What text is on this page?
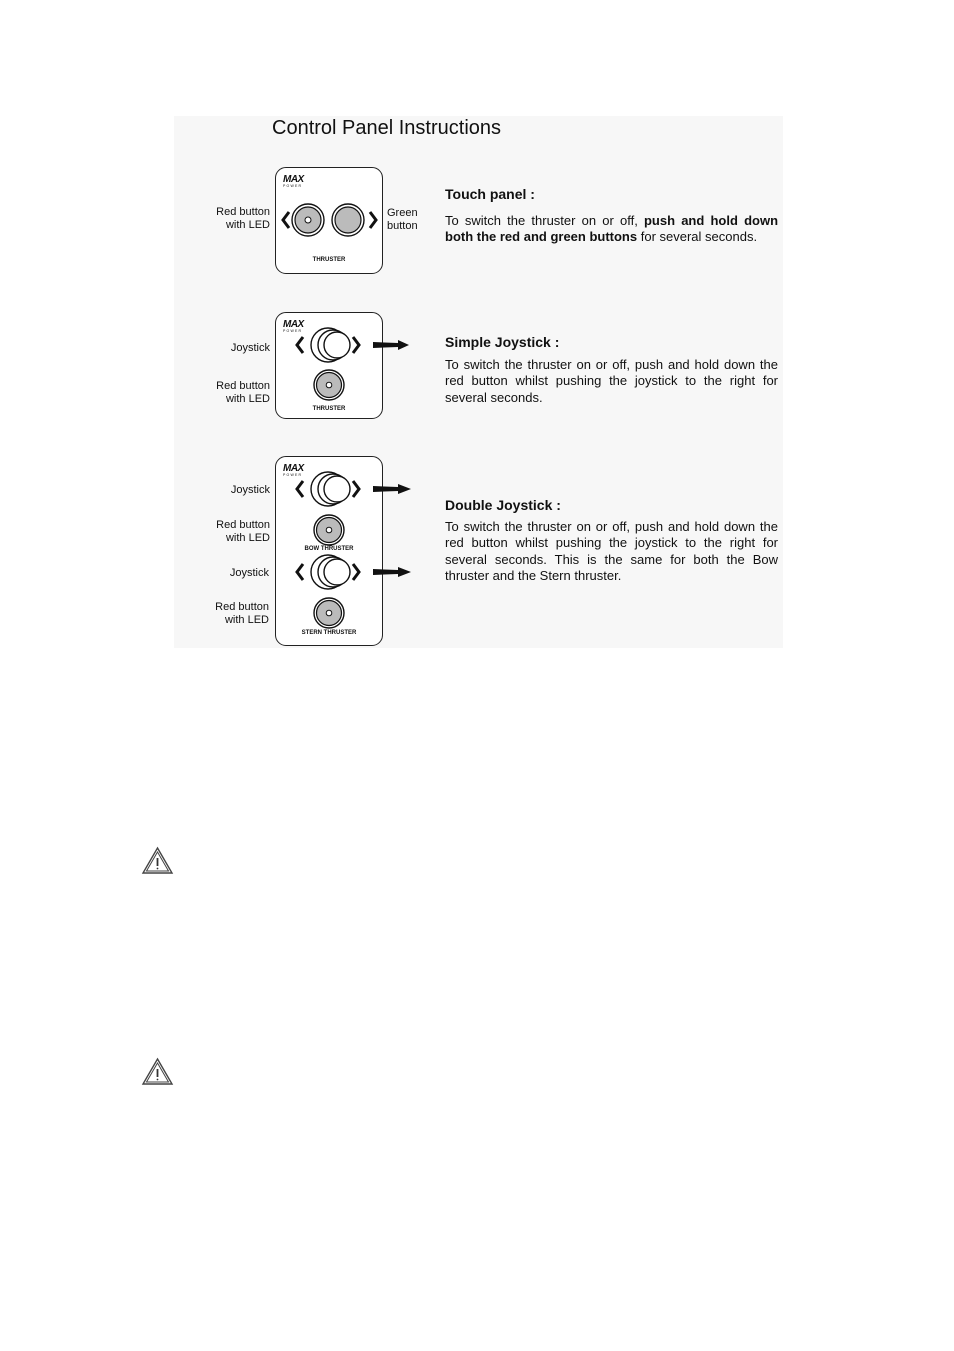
Control Panel Instructions
Red button
with LED
Green
button
MAX
POWER
THRUSTER
Touch panel :
To switch the thruster on or off, push and hold down both the red and green buttons for several seconds.
Joystick
Red button
with LED
MAX
POWER
THRUSTER
Simple Joystick :
To switch the thruster on or off, push and hold down the red button whilst pushing the joystick to the right for several seconds.
Joystick
Red button
with LED
Joystick
Red button
with LED
MAX
POWER
BOW THRUSTER
STERN THRUSTER
Double Joystick :
To switch the thruster on or off, push and hold down the red button whilst pushing the joystick to the right for several seconds. This is the same for both the Bow thruster and the Stern thruster.
